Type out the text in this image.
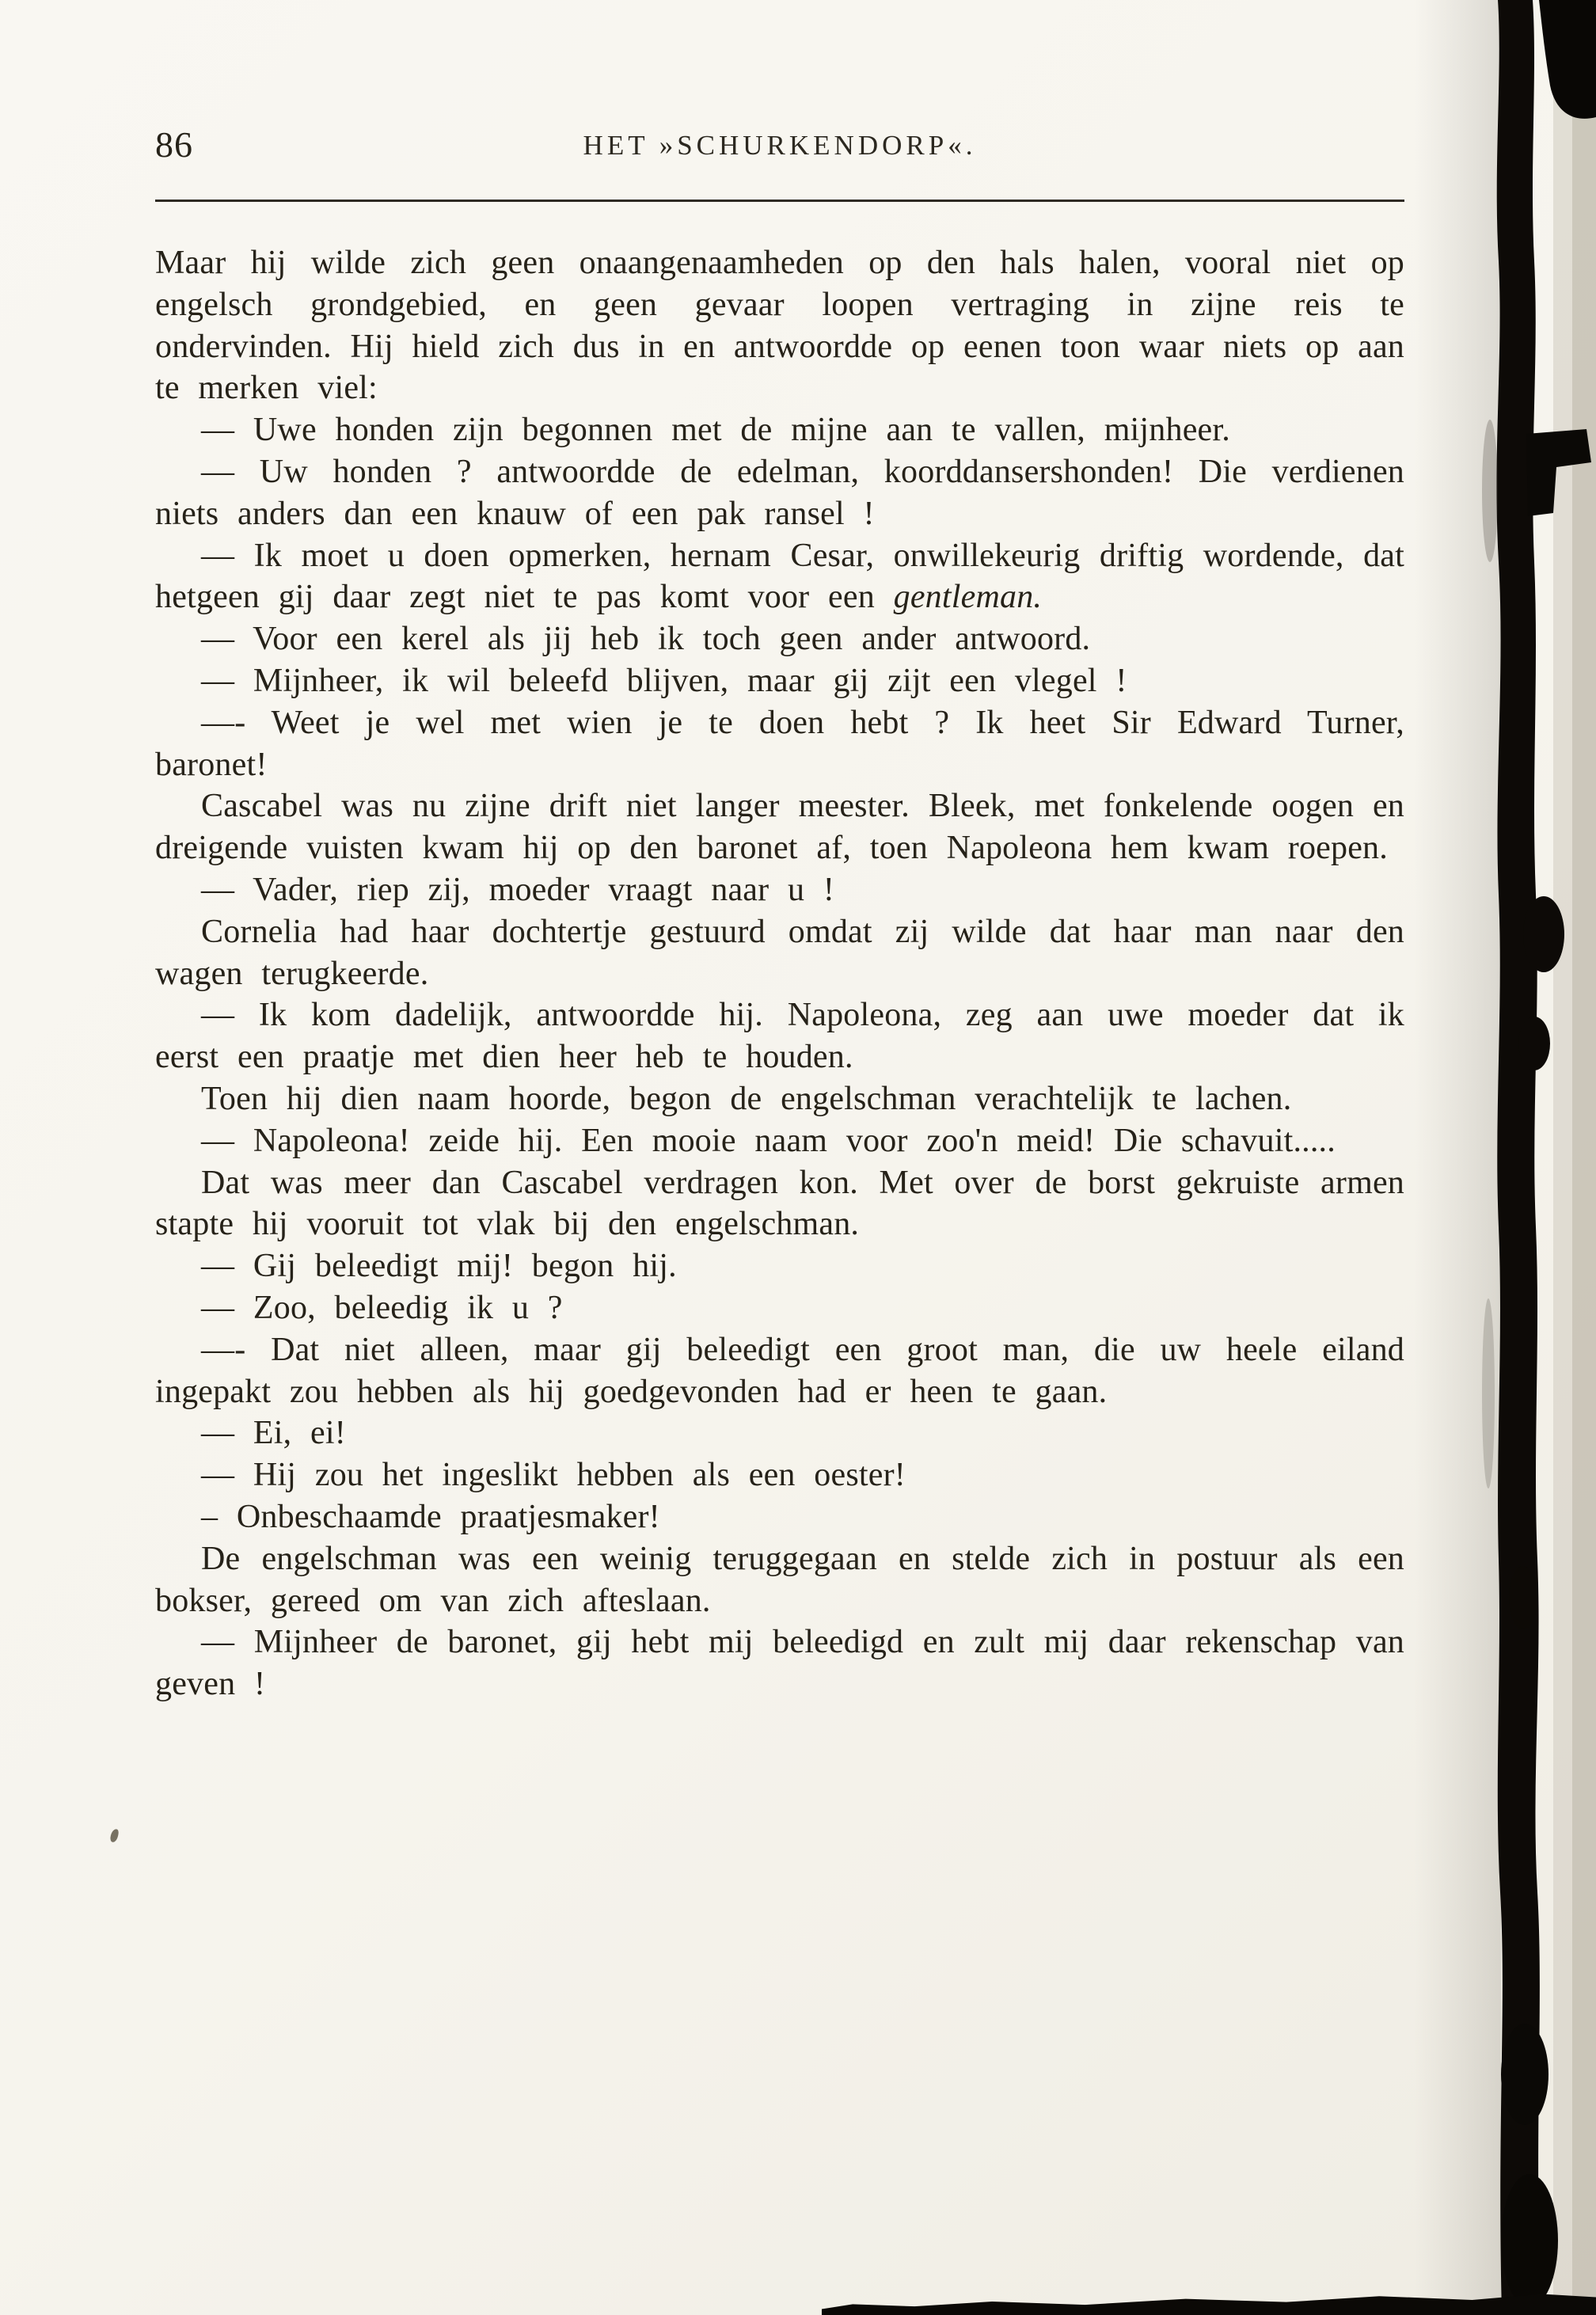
86	HET »SCHURKENDORP«.

Maar hij wilde zich geen onaangenaamheden op den hals halen, vooral niet op engelsch grondgebied, en geen gevaar loopen vertraging in zijne reis te ondervinden. Hij hield zich dus in en antwoordde op eenen toon waar niets op aan te merken viel:

— Uwe honden zijn begonnen met de mijne aan te vallen, mijnheer.

— Uw honden ? antwoordde de edelman, koorddansershonden! Die verdienen niets anders dan een knauw of een pak ransel !

— Ik moet u doen opmerken, hernam Cesar, onwillekeurig driftig wordende, dat hetgeen gij daar zegt niet te pas komt voor een gentleman.

— Voor een kerel als jij heb ik toch geen ander antwoord.

— Mijnheer, ik wil beleefd blijven, maar gij zijt een vlegel !

—- Weet je wel met wien je te doen hebt ? Ik heet Sir Edward Turner, baronet!

Cascabel was nu zijne drift niet langer meester. Bleek, met fonkelende oogen en dreigende vuisten kwam hij op den baronet af, toen Napoleona hem kwam roepen.

— Vader, riep zij, moeder vraagt naar u !

Cornelia had haar dochtertje gestuurd omdat zij wilde dat haar man naar den wagen terugkeerde.

— Ik kom dadelijk, antwoordde hij. Napoleona, zeg aan uwe moeder dat ik eerst een praatje met dien heer heb te houden.

Toen hij dien naam hoorde, begon de engelschman verachtelijk te lachen.

— Napoleona! zeide hij. Een mooie naam voor zoo'n meid! Die schavuit.....

Dat was meer dan Cascabel verdragen kon. Met over de borst gekruiste armen stapte hij vooruit tot vlak bij den engelschman.

— Gij beleedigt mij! begon hij.

— Zoo, beleedig ik u ?

—- Dat niet alleen, maar gij beleedigt een groot man, die uw heele eiland ingepakt zou hebben als hij goedgevonden had er heen te gaan.

— Ei, ei!

— Hij zou het ingeslikt hebben als een oester!

– Onbeschaamde praatjesmaker!

De engelschman was een weinig teruggegaan en stelde zich in postuur als een bokser, gereed om van zich afteslaan.

— Mijnheer de baronet, gij hebt mij beleedigd en zult mij daar rekenschap van geven !
